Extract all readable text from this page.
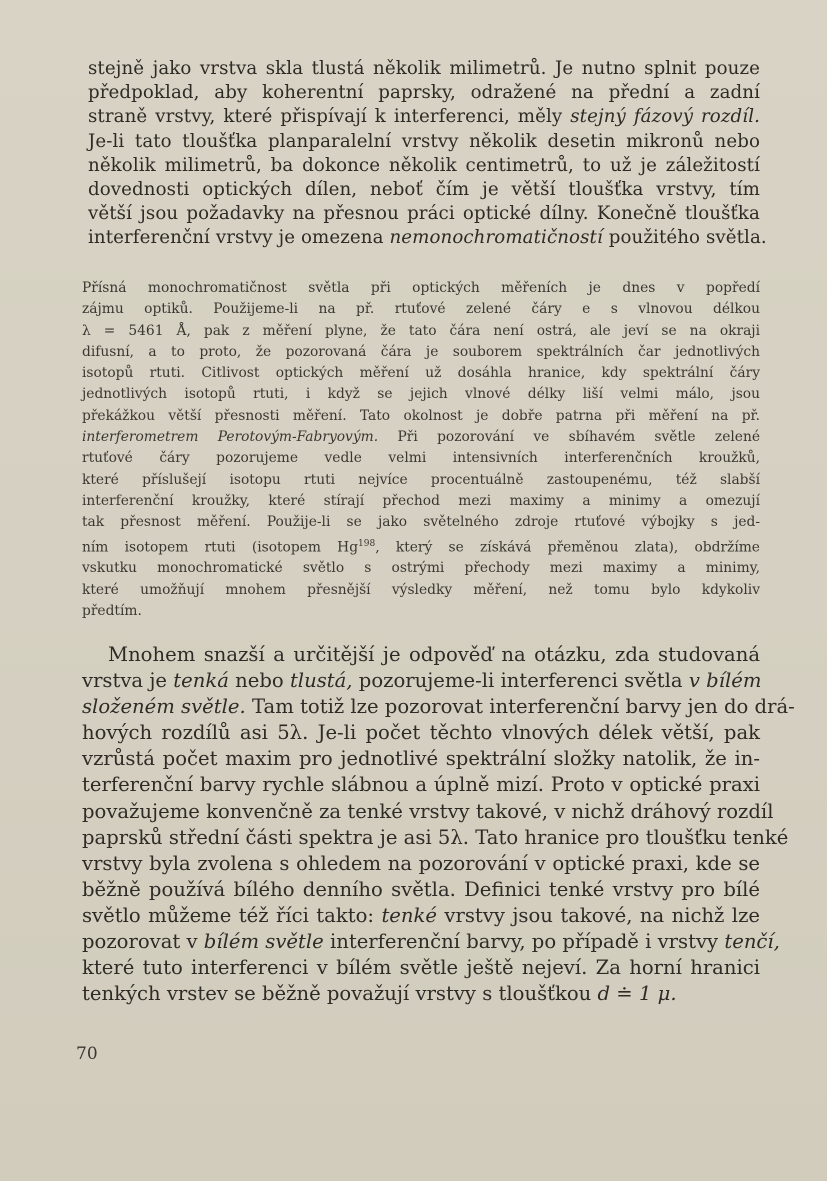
stejně jako vrstva skla tlustá několik milimetrů. Je nutno splnit pouze
předpoklad, aby koherentní paprsky, odražené na přední a zadní
straně vrstvy, které přispívají k interferenci, měly stejný fázový rozdíl.
Je-li tato tloušťka planparalelní vrstvy několik desetin mikronů nebo
několik milimetrů, ba dokonce několik centimetrů, to už je záležitostí
dovednosti optických dílen, neboť čím je větší tloušťka vrstvy, tím
větší jsou požadavky na přesnou práci optické dílny. Konečně tloušťka
interferenční vrstvy je omezena nemonochromatičností použitého světla.
Přísná monochromatičnost světla při optických měřeních je dnes v popředí
zájmu optiků. Použijeme-li na př. rtuťové zelené čáry e s vlnovou délkou
λ = 5461 Å, pak z měření plyne, že tato čára není ostrá, ale jeví se na okraji
difusní, a to proto, že pozorovaná čára je souborem spektrálních čar jednotlivých
isotopů rtuti. Citlivost optických měření už dosáhla hranice, kdy spektrální čáry
jednotlivých isotopů rtuti, i když se jejich vlnové délky liší velmi málo, jsou
překážkou větší přesnosti měření. Tato okolnost je dobře patrna při měření na př.
interferometrem Perotovým-Fabryovým. Při pozorování ve sbíhavém světle zelené
rtuťové čáry pozorujeme vedle velmi intensivních interferenčních kroužků,
které příslušejí isotopu rtuti nejvíce procentuálně zastoupenému, též slabší
interferenční kroužky, které stírají přechod mezi maximy a minimy a omezují
tak přesnost měření. Použije-li se jako světelného zdroje rtuťové výbojky s jed-
ním isotopem rtuti (isotopem Hg$^{198}$, který se získává přeměnou zlata), obdržíme
vskutku monochromatické světlo s ostrými přechody mezi maximy a minimy,
které umožňují mnohem přesnější výsledky měření, než tomu bylo kdykoliv
předtím.
Mnohem snazší a určitější je odpověď na otázku, zda studovaná
vrstva je tenká nebo tlustá, pozorujeme-li interferenci světla v bílém
složeném světle. Tam totiž lze pozorovat interferenční barvy jen do drá-
hových rozdílů asi 5λ. Je-li počet těchto vlnových délek větší, pak
vzrůstá počet maxim pro jednotlivé spektrální složky natolik, že in-
terferenční barvy rychle slábnou a úplně mizí. Proto v optické praxi
považujeme konvenčně za tenké vrstvy takové, v nichž dráhový rozdíl
paprsků střední části spektra je asi 5λ. Tato hranice pro tloušťku tenké
vrstvy byla zvolena s ohledem na pozorování v optické praxi, kde se
běžně používá bílého denního světla. Definici tenké vrstvy pro bílé
světlo můžeme též říci takto: tenké vrstvy jsou takové, na nichž lze
pozorovat v bílém světle interferenční barvy, po případě i vrstvy tenčí,
které tuto interferenci v bílém světle ještě nejeví. Za horní hranici
tenkých vrstev se běžně považují vrstvy s tloušťkou d ≐ 1 μ.
70
